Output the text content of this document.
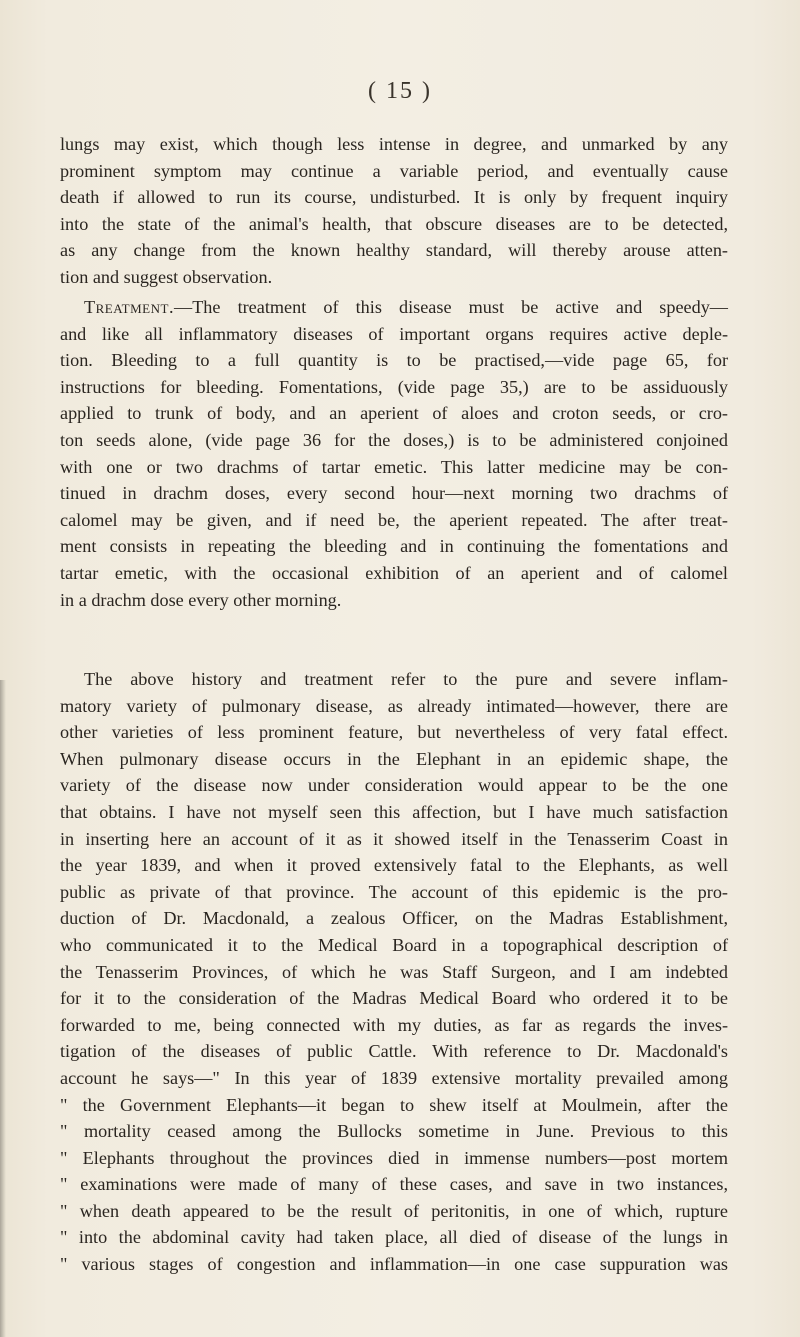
( 15 )
lungs may exist, which though less intense in degree, and unmarked by any
prominent symptom may continue a variable period, and eventually cause
death if allowed to run its course, undisturbed. It is only by frequent inquiry
into the state of the animal's health, that obscure diseases are to be detected,
as any change from the known healthy standard, will thereby arouse atten-
tion and suggest observation.
Treatment.—The treatment of this disease must be active and speedy—
and like all inflammatory diseases of important organs requires active deple-
tion. Bleeding to a full quantity is to be practised,—vide page 65, for
instructions for bleeding. Fomentations, (vide page 35,) are to be assiduously
applied to trunk of body, and an aperient of aloes and croton seeds, or cro-
ton seeds alone, (vide page 36 for the doses,) is to be administered conjoined
with one or two drachms of tartar emetic. This latter medicine may be con-
tinued in drachm doses, every second hour—next morning two drachms of
calomel may be given, and if need be, the aperient repeated. The after treat-
ment consists in repeating the bleeding and in continuing the fomentations and
tartar emetic, with the occasional exhibition of an aperient and of calomel
in a drachm dose every other morning.
The above history and treatment refer to the pure and severe inflam-
matory variety of pulmonary disease, as already intimated—however, there are
other varieties of less prominent feature, but nevertheless of very fatal effect.
When pulmonary disease occurs in the Elephant in an epidemic shape, the
variety of the disease now under consideration would appear to be the one
that obtains. I have not myself seen this affection, but I have much satisfaction
in inserting here an account of it as it showed itself in the Tenasserim Coast in
the year 1839, and when it proved extensively fatal to the Elephants, as well
public as private of that province. The account of this epidemic is the pro-
duction of Dr. Macdonald, a zealous Officer, on the Madras Establishment,
who communicated it to the Medical Board in a topographical description of
the Tenasserim Provinces, of which he was Staff Surgeon, and I am indebted
for it to the consideration of the Madras Medical Board who ordered it to be
forwarded to me, being connected with my duties, as far as regards the inves-
tigation of the diseases of public Cattle. With reference to Dr. Macdonald's
account he says—" In this year of 1839 extensive mortality prevailed among
" the Government Elephants—it began to shew itself at Moulmein, after the
" mortality ceased among the Bullocks sometime in June. Previous to this
" Elephants throughout the provinces died in immense numbers—post mortem
" examinations were made of many of these cases, and save in two instances,
" when death appeared to be the result of peritonitis, in one of which, rupture
" into the abdominal cavity had taken place, all died of disease of the lungs in
" various stages of congestion and inflammation—in one case suppuration was
